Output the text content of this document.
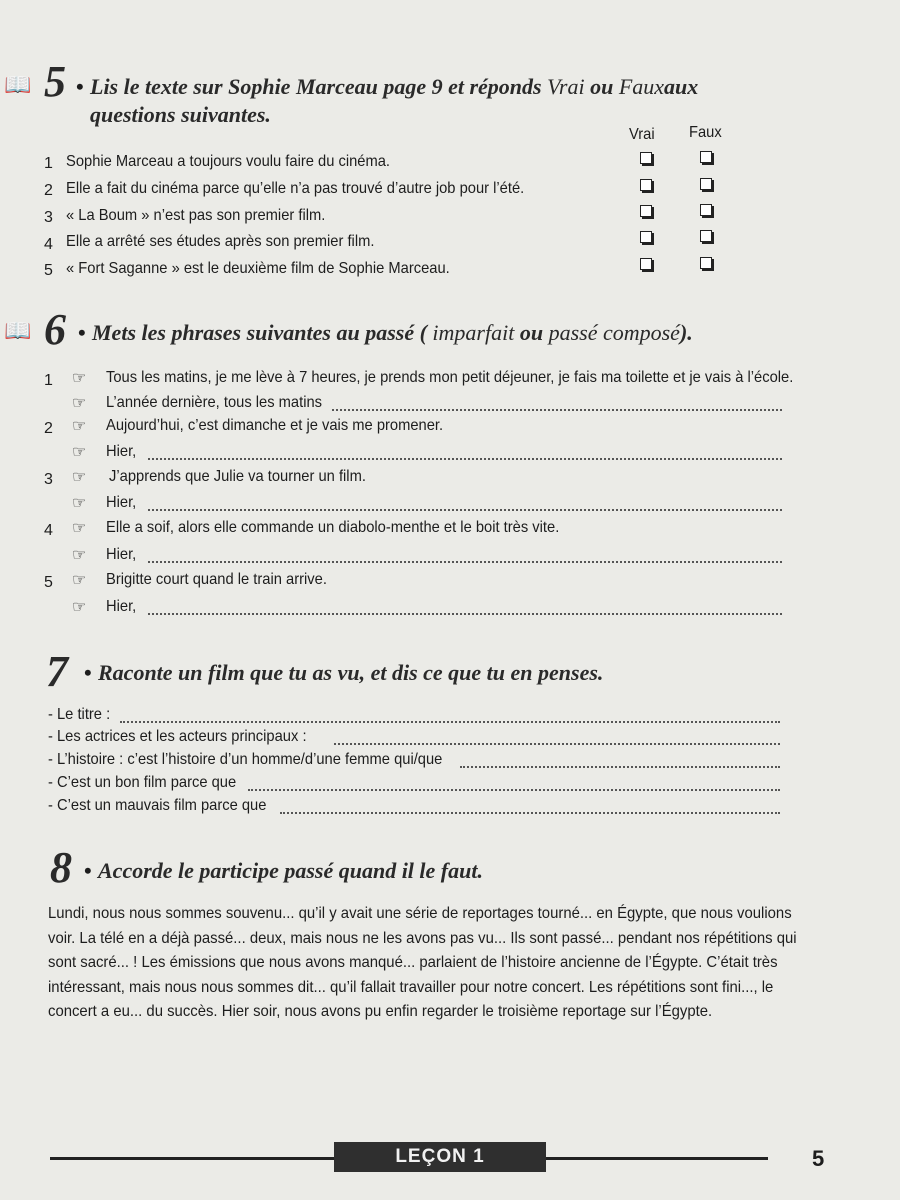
📖
📖
5 • Lis le texte sur Sophie Marceau page 9 et réponds Vrai ou Fauxaux
questions suivantes.
Vrai Faux
1 Sophie Marceau a toujours voulu faire du cinéma.
2 Elle a fait du cinéma parce qu’elle n’a pas trouvé d’autre job pour l’été.
3 « La Boum » n’est pas son premier film.
4 Elle a arrêté ses études après son premier film.
5 « Fort Saganne » est le deuxième film de Sophie Marceau.
6 • Mets les phrases suivantes au passé ( imparfait ou passé composé).
1 ☞ Tous les matins, je me lève à 7 heures, je prends mon petit déjeuner, je fais ma toilette et je vais à l’école.
☞ L’année dernière, tous les matins
2 ☞ Aujourd’hui, c’est dimanche et je vais me promener.
☞ Hier,
3 ☞ J’apprends que Julie va tourner un film.
☞ Hier,
4 ☞ Elle a soif, alors elle commande un diabolo-menthe et le boit très vite.
☞ Hier,
5 ☞ Brigitte court quand le train arrive.
☞ Hier,
7 • Raconte un film que tu as vu, et dis ce que tu en penses.
- Le titre :
- Les actrices et les acteurs principaux :
- L’histoire : c’est l’histoire d’un homme/d’une femme qui/que
- C’est un bon film parce que
- C’est un mauvais film parce que
8 • Accorde le participe passé quand il le faut.
Lundi, nous nous sommes souvenu... qu’il y avait une série de reportages tourné... en Égypte, que nous voulions
voir. La télé en a déjà passé... deux, mais nous ne les avons pas vu... Ils sont passé... pendant nos répétitions qui
sont sacré... ! Les émissions que nous avons manqué... parlaient de l’histoire ancienne de l’Égypte. C’était très
intéressant, mais nous nous sommes dit... qu’il fallait travailler pour notre concert. Les répétitions sont fini..., le
concert a eu... du succès. Hier soir, nous avons pu enfin regarder le troisième reportage sur l’Égypte.
LEÇON 1	5
